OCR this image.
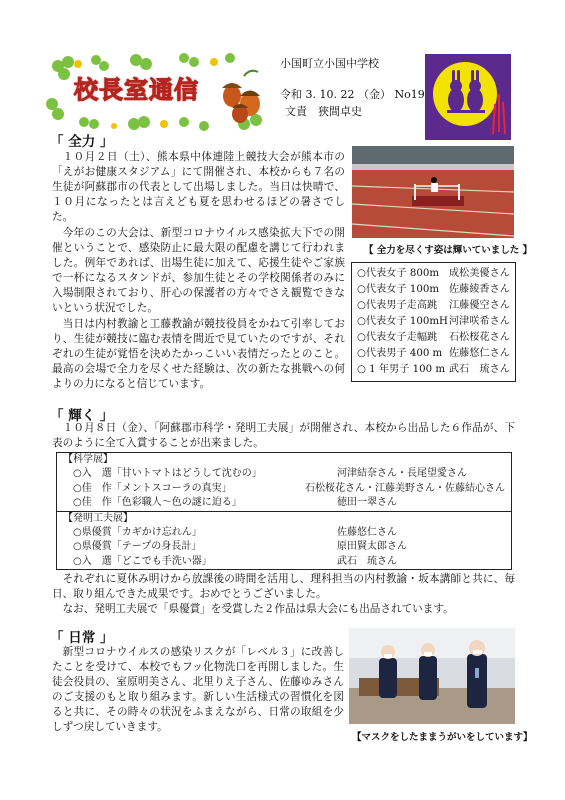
校長室通信
小国町立小国中学校
令和 3. 10. 22 （金） No19
文責　狹間卓史
「 全力 」

１０月２日（土）、熊本県中体連陸上競技大会が熊本市の「えがお健康スタジアム」にて開催され、本校からも７名の生徒が阿蘇郡市の代表として出場しました。当日は快晴で、１０月になったとは言えども夏を思わせるほどの暑さでした。

【 全力を尽くす姿は輝いていました 】

今年のこの大会は、新型コロナウイルス感染拡大下での開催ということで、感染防止に最大限の配慮を講じて行われました。例年であれば、出場生徒に加えて、応援生徒やご家族で一杯になるスタンドが、参加生徒とその学校関係者のみに入場制限されており、肝心の保護者の方々でさえ観覧できないという状況でした。

当日は内村教諭と工藤教諭が競技役員をかねて引率しており、生徒が競技に臨む表情を間近で見ていたのですが、それぞれの生徒が覚悟を決めたかっこいい表情だったとのこと。最高の会場で全力を尽くせた経験は、次の新たな挑戦への何よりの力になると信じています。

○代表女子 800m 成松美優さん
○代表女子 100m 佐藤綾香さん
○代表男子走高跳	江藤優空さん
○代表女子 100mH 河津咲希さん
○代表女子走幅跳	石松桜花さん
○代表男子 400 m 佐藤悠仁さん
○ 1 年男子 100 m 武石　琉さん
「 輝く 」

１０月８日（金）、「阿蘇郡市科学・発明工夫展」が開催され、本校から出品した６作品が、下表のように全て入賞することが出来ました。

【科学展】
○入　選「甘いトマトはどうして沈むの」	河津結奈さん・長尾望愛さん
○佳　作「メントスコーラの真実」	石松桜花さん・江藤美野さん・佐藤結心さん
○佳　作「色彩職人～色の謎に迫る」	徳田一翠さん
【発明工夫展】
○県優賞「カギかけ忘れん」	佐藤悠仁さん
○県優賞「テープの身長計」	原田賢太郎さん
○入　選「どこでも手洗い器」	武石　琉さん

それぞれに夏休み明けから放課後の時間を活用し、理科担当の内村教諭・坂本講師と共に、毎日、取り組んできた成果です。おめでとうございました。

なお、発明工夫展で「県優賞」を受賞した２作品は県大会にも出品されています。

「 日常 」

新型コロナウイルスの感染リスクが「レベル３」に改善したことを受けて、本校でもフッ化物洗口を再開しました。生徒会役員の、室原明美さん、北里りえ子さん、佐藤ゆみさんのご支援のもと取り組みます。新しい生活様式の習慣化を図ると共に、その時々の状況をふまえながら、日常の取組を少しずつ戻していきます。

【マスクをしたままうがいをしています】
